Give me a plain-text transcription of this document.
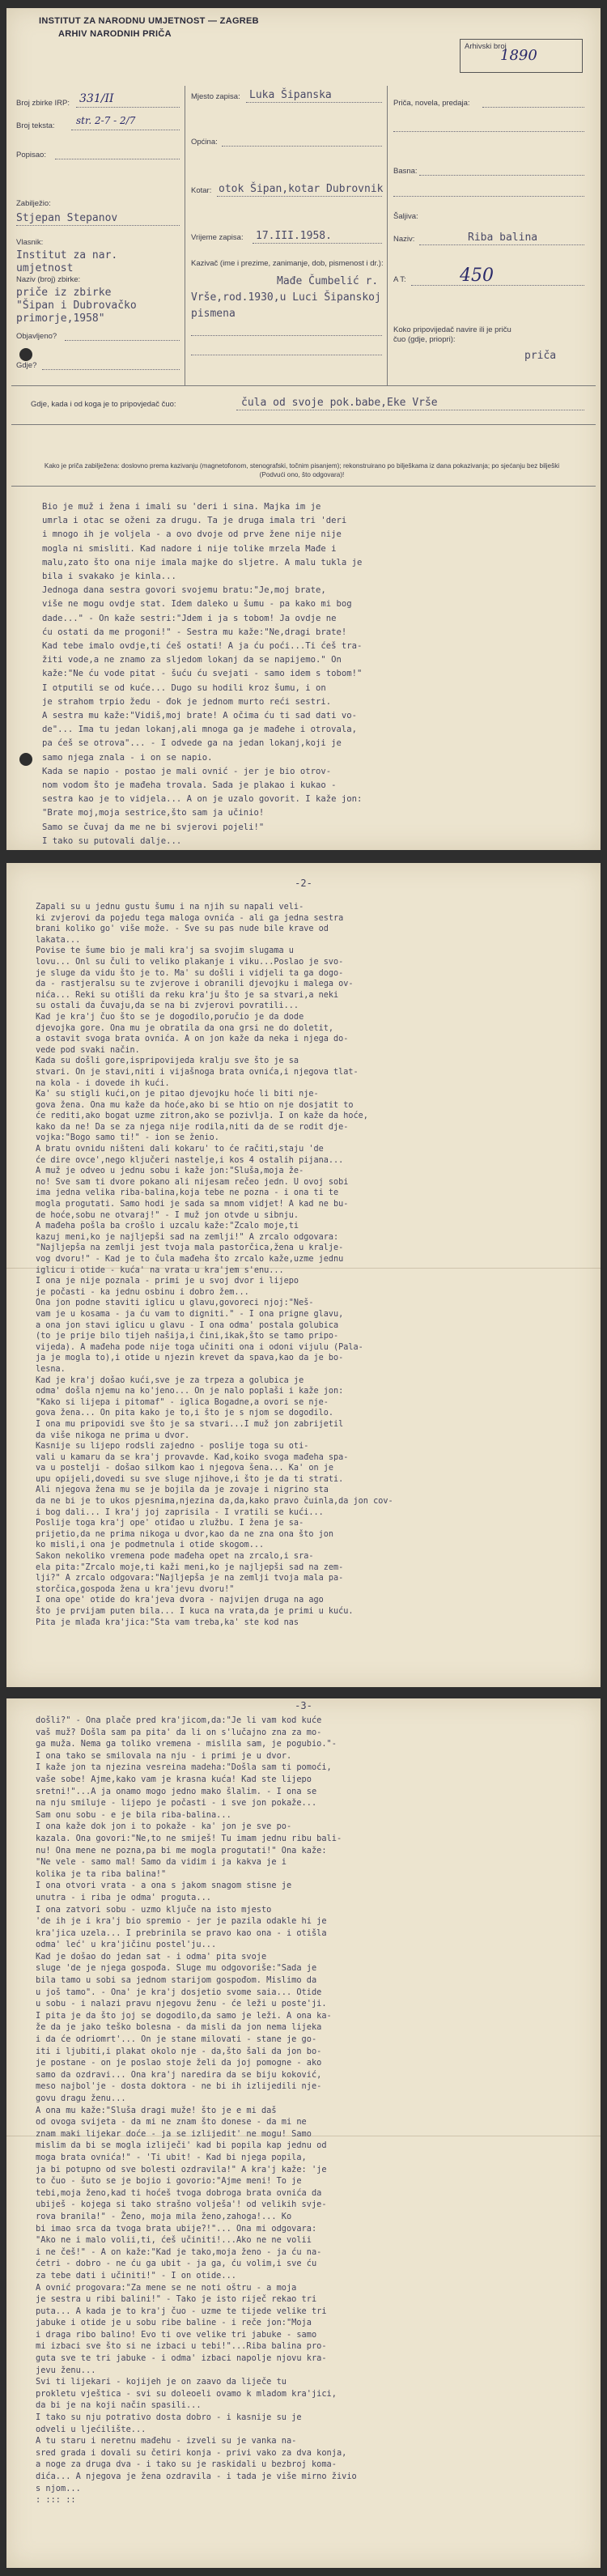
INSTITUT ZA NARODNU UMJETNOST — ZAGREB
ARHIV NARODNIH PRIČA
Arhivski broj
1890
Broj zbirke IRP: 331/II
Broj teksta: str. 2-7 - 2/7
Popisao:
Zabilježio:
Stjepan Stepanov
Vlasnik:
Institut za nar.
umjetnost
Naziv (broj) zbirke:
priče iz zbirke
"Šipan i Dubrovačko
primorje,1958"
Objavljeno?
Gdje?
Mjesto zapisa: Luka Šipanska
Općina:
Kotar: otok Šipan,kotar Dubrovnik
Vrijeme zapisa: 17.III.1958.
Kazivač (ime i prezime, zanimanje, dob, pismenost i dr.):
Mađe Čumbelić r.
Vrše,rod.1930,u Luci Šipanskoj
pismena
Priča, novela, predaja:
Basna:
Šaljiva:
Naziv:	Riba balina
A T:	450
Koko pripovijedač navire ili je priču čuo (gdje, priopri):
priča
Gdje, kada i od koga je to pripovjedač čuo:	čula od svoje pok.babe,Eke Vrše
Kako je priča zabilježena: doslovno prema kazivanju (magnetofonom, stenografski, točnim pisanjem); rekonstruirano po bilješkama iz dana pokazivanja; po sjećanju bez bilješki (Podvući ono, što odgovara)!
Bio je muž i žena i imali su 'deri i sina. Majka im je
umrla i otac se oženi za drugu. Ta je druga imala tri 'deri
i mnogo ih je voljela - a ovo dvoje od prve žene nije nije
mogla ni smisliti. Kad nadore i nije tolike mrzela Mađe i
malu,zato što ona nije imala majke do sljetre. A malu tukla je
bila i svakako je kinla...
Jednoga dana sestra govori svojemu bratu:"Je,moj brate,
više ne mogu ovdje stat. Idem daleko u šumu - pa kako mi bog
dade..." - On kaže sestri:"Jdem i ja s tobom! Ja ovdje ne
ću ostati da me progoni!" - Sestra mu kaže:"Ne,dragi brate!
Kad tebe imalo ovdje,ti ćeš ostati! A ja ću poći...Ti ćeš tra-
žiti vode,a ne znamo za sljedom lokanj da se napijemo." On
kaže:"Ne ću vode pitat - šuću ću svejati - samo idem s tobom!"
I otputili se od kuće... Dugo su hodili kroz šumu, i on
je strahom trpio žedu - đok je jednom murto reći sestri.
A sestra mu kaže:"Vidiš,moj brate! A očima ću ti sad dati vo-
de"... Ima tu jedan lokanj,ali mnoga ga je mađehe i otrovala,
pa ćeš se otrova"... - I odvede ga na jedan lokanj,koji je
samo njega znala - i on se napio.
Kada se napio - postao je mali ovnić - jer je bio otrov-
nom vodom što je mađeha trovala. Sada je plakao i kukao -
sestra kao je to vidjela... A on je uzalo govorit. I kaže jon:
"Brate moj,moja sestrice,što sam ja učinio!
Samo se čuvaj da me ne bi svjerovi pojeli!"
I tako su putovali dalje...
-2-
Zapali su u jednu gustu šumu i na njih su napali veli-
ki zvjerovi da pojedu tega maloga ovnića - ali ga jedna sestra
brani koliko go' više može. - Sve su pas nude bile krave od
lakata...
Povise te šume bio je mali kra'j sa svojim slugama u
lovu... Onl su čuli to veliko plakanje i viku...Poslao je svo-
je sluge da vidu što je to. Ma' su došli i vidjeli ta ga dogo-
da - rastjeralsu su te zvjerove i obranili djevojku i malega ov-
nića... Reki su otišli da reku kra'ju što je sa stvari,a neki
su ostali da čuvaju,da se na bi zvjerovi povratili...
Kad je kra'j čuo što se je dogodilo,poručio je da dode
djevojka gore. Ona mu je obratila da ona grsi ne do doletit,
a ostavit svoga brata ovnića. A on jon kaže da neka i njega do-
vede pod svaki način.
Kada su došli gore,ispripovijeda kralju sve što je sa
stvari. On je stavi,niti i vijašnoga brata ovnića,i njegova tlat-
na kola - i dovede ih kući.
Ka' su stigli kući,on je pitao djevojku hoće li biti nje-
gova žena. Ona mu kaže da hoće,ako bi se htio on nje dosjatit to
će rediti,ako bogat uzme zitron,ako se pozivlja. I on kaže da hoće,
kako da ne! Da se za njega nije rodila,niti da de se rodit dje-
vojka:"Bogo samo ti!" - ion se ženio.
A bratu ovnidu ništeni dali kokaru' to će račiti,staju 'de
će dire ovce',nego ključeri nastelje,i kos 4 ostalih pijana...
A muž je odveo u jednu sobu i kaže jon:"Sluša,moja že-
no! Sve sam ti dvore pokano ali nijesam rečeo jedn. U ovoj sobi
ima jedna velika riba-balina,koja tebe ne pozna - i ona ti te
mogla progutati. Samo hodi je sada sa mnom vidjet! A kad ne bu-
de hoće,sobu ne otvaraj!" - I muž jon otvde u sibnju.
A mađeha pošla ba crošlo i uzcalu kaže:"Zcalo moje,ti
kazuj meni,ko je najljepši sad na zemlji!" A zrcalo odgovara:
"Najljepša na zemlji jest tvoja mala pastorčica,žena u kralje-
vog dvoru!" - Kad je to čula mađeha što zrcalo kaže,uzme jednu
iglicu i otide - kuća' na vrata u kra'jem s'enu...
I ona je nije poznala - primi je u svoj dvor i lijepo
je počasti - ka jednu osbinu i dobro žem...
Ona jon podne staviti iglicu u glavu,govoreci njoj:"Neš-
vam je u kosama - ja ću vam to digniti." - I ona prigne glavu,
a ona jon stavi iglicu u glavu - I ona odma' postala golubica
(to je prije bilo tijeh našija,i čini,ikak,što se tamo pripo-
vijeda). A mađeha pode nije toga učiniti ona i odoni vijulu (Pala-
ja je mogla to),i otide u njezin krevet da spava,kao da je bo-
lesna.
Kad je kra'j došao kući,sve je za trpeza a golubica je
odma' došla njemu na ko'jeno... On je nalo poplaši i kaže jon:
"Kako si lijepa i pitomaf" - iglica Bogadne,a ovori se nje-
gova žena... On pita kako je to,i što je s njom se dogodilo.
I ona mu pripovidi sve što je sa stvari...I muž jon zabrijetil
da više nikoga ne prima u dvor.
Kasnije su lijepo rodsli zajedno - poslije toga su oti-
vali u kamaru da se kra'j provavde. Kad,koiko svoga mađeha spa-
va u postelji - došao silkom kao i njegova šena... Ka' on je
upu opijeli,dovedi su sve sluge njihove,i što je da ti strati.
Ali njegova žena mu se je bojila da je zovaje i nigrino sta
da ne bi je to ukos pjesnima,njezina da,da,kako pravo čuinla,da jon cov-
i bog dali... I kra'j joj zaprisila - I vratili se kući...
Poslije toga kra'j ope' otiđao u zlužbu. I žena je sa-
prijetio,da ne prima nikoga u dvor,kao da ne zna ona što jon
ko misli,i ona je podmetnula i otide skogom...
Sakon nekoliko vremena pode mađeha opet na zrcalo,i sra-
ela pita:"Zrcalo moje,ti kaži meni,ko je najljepši sad na zem-
lji?" A zrcalo odgovara:"Najljepša je na zemlji tvoja mala pa-
storčica,gospoda žena u kra'jevu dvoru!"
I ona ope' otide do kra'jeva dvora - najvijen druga na ago
što je prvijam puten bila... I kuca na vrata,da je primi u kuću.
Pita je mlađa kra'jica:"Šta vam treba,ka' ste kod nas
-3-
došli?" - Ona plače pred kra'jicom,da:"Je li vam kod kuće
vaš muž? Došla sam pa pita' da li on s'lučajno zna za mo-
ga muža. Nema ga toliko vremena - mislila sam, je pogubio."-
I ona tako se smilovala na nju - i primi je u dvor.
I kaže jon ta njezina vesreina madeha:"Došla sam ti pomoći,
vaše sobe! Ajme,kako vam je krasna kuća! Kad ste lijepo
sretni!"...A ja onamo mogo jedno mako šlalim. - I ona se
na nju smiluje - lijepo je počasti - i sve jon pokaže...
Sam onu sobu - e je bila riba-balina...
I ona kaže dok jon i to pokaže - ka' jon je sve po-
kazala. Ona govori:"Ne,to ne smiješ! Tu imam jednu ribu bali-
nu! Ona mene ne pozna,pa bi me mogla progutati!" Ona kaže:
"Ne vele - samo mal! Samo da vidim i ja kakva je i
kolika je ta riba balina!"
I ona otvori vrata - a ona s jakom snagom stisne je
unutra - i riba je odma' progutа...
I ona zatvori sobu - uzmo ključe na isto mjesto
'de ih je i kra'j bio spremio - jer je pazila odakle hi je
kra'jica uzela... I prebrinila se pravo kao ona - i otišla
odma' leć' u kra'jičinu postel'ju...
Kad je došao do jedan sat - i odma' pita svoje
sluge 'de je njega gospođa. Sluge mu odgovoriše:"Sada je
bila tamo u sobi sa jednom starijom gospođom. Mislimo da
u još tamo". - Ona' je kra'j dosjetio svome saia... Otide
u sobu - i nalazi pravu njegovu ženu - će leži u poste'ji.
I pita je da što joj se dogodilo,da samo je leži. A ona ka-
že da je jako teško bolesna - da misli da jon nema lijeka
i da će odriomrt'... On je stane milovati - stane je go-
iti i ljubiti,i plakat okolo nje - da,što šali da jon bo-
je postane - on je poslao stoje želi da joj pomogne - ako
samo da ozdravi... Ona kra'j naredira da se biju koković,
meso najbol'je - dosta doktora - ne bi ih izlijedili nje-
govu dragu ženu...
A ona mu kaže:"Sluša dragi muže! što je e mi daš
od ovoga svijeta - da mi ne znam što donese - da mi ne
znam maki lijekar doće - ja se izlijedit' ne mogu! Samo
mislim da bi se mogla izliječi' kad bi popila kap jednu od
moga brata ovnića!" - 'Ti ubit! - Kad bi njega popila,
ja bi potupno od sve bolesti ozdravila!" A kra'j kaže: 'je
to čuo - šuto se je bojio i govorio:"Ajme meni! To je
tebi,moja ženo,kad ti hoćeš tvoga dobroga brata ovnića da
ubiješ - kojega si tako strašno volješa'! od velikih svje-
rova branila!" - Ženo, moja mila ženo,zahoga!... Ko
bi imao srca da tvoga brata ubije?!"... Ona mi odgovara:
"Ako ne i malo volii,ti, ćeš učiniti!...Ako ne ne volii
i ne češ!" - A on kaže:"Kad je tako,moja ženo - ja ću na-
ćetri - dobro - ne ću ga ubit - ja ga, ću volim,i sve ću
za tebe dati i učiniti!" - I on otide...
A ovnić progovara:"Za mene se ne noti oštru - a moja
je sestra u ribi balini!" - Tako je isto riječ rekao tri
puta... A kada je to kra'j čuo - uzme te tijede velike tri
jabuke i otide je u sobu ribe baline - i reče jon:"Moja
i draga ribo balino! Evo ti ove velike tri jabuke - samo
mi izbaci sve što si ne izbaci u tebi!"...Riba balina pro-
guta sve te tri jabuke - i odma' izbaci napolje njovu kra-
jevu ženu...
Svi ti lijekari - kojijeh je on zaavo da liječe tu
prokletu vještica - svi su doleoeli ovamo k mladom kra'jici,
da bi je na koji način spasili...
I tako su nju potrativo dosta dobro - i kasnije su je
odveli u ljećilište...
A tu staru i neretnu mađehu - izveli su je vanka na-
sred grada i dovali su četiri konja - privi vako za dva konja,
a noge za druga dva - i tako su je raskidali u bezbroj komа-
dića... A njegova je žena ozdravila - i tada je više mirno živio
s njom...
: ::: ::
